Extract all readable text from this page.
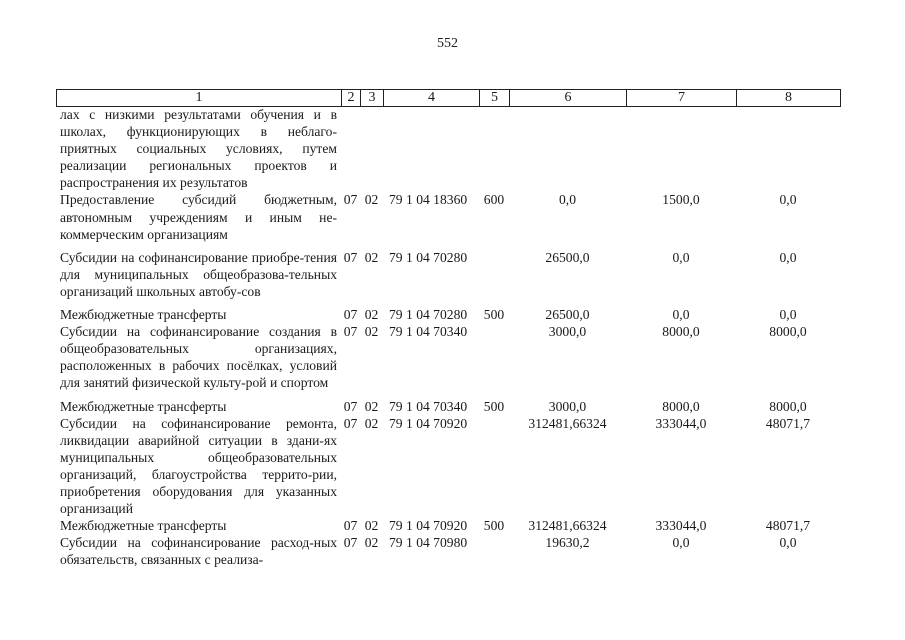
552
1	2	3	4	5	6	7	8
лах с низкими результатами обучения и в школах, функционирующих в неблаго-приятных социальных условиях, путем реализации региональных проектов и распространения их результатов							

Предоставление субсидий бюджетным, автономным учреждениям и иным не-коммерческим организациям	07	02	79 1 04 18360	600	0,0	1500,0	0,0

Субсидии на софинансирование приобре-тения для муниципальных общеобразова-тельных организаций школьных автобу-сов	07	02	79 1 04 70280		26500,0	0,0	0,0

Межбюджетные трансферты	07	02	79 1 04 70280	500	26500,0	0,0	0,0

Субсидии на софинансирование создания в общеобразовательных организациях, расположенных в рабочих посёлках, условий для занятий физической культу-рой и спортом	07	02	79 1 04 70340		3000,0	8000,0	8000,0

Межбюджетные трансферты	07	02	79 1 04 70340	500	3000,0	8000,0	8000,0

Субсидии на софинансирование ремонта, ликвидации аварийной ситуации в здани-ях муниципальных общеобразовательных организаций, благоустройства террито-рии, приобретения оборудования для указанных организаций	07	02	79 1 04 70920		312481,66324	333044,0	48071,7

Межбюджетные трансферты	07	02	79 1 04 70920	500	312481,66324	333044,0	48071,7

Субсидии на софинансирование расход-ных обязательств, связанных с реализа-	07	02	79 1 04 70980		19630,2	0,0	0,0
